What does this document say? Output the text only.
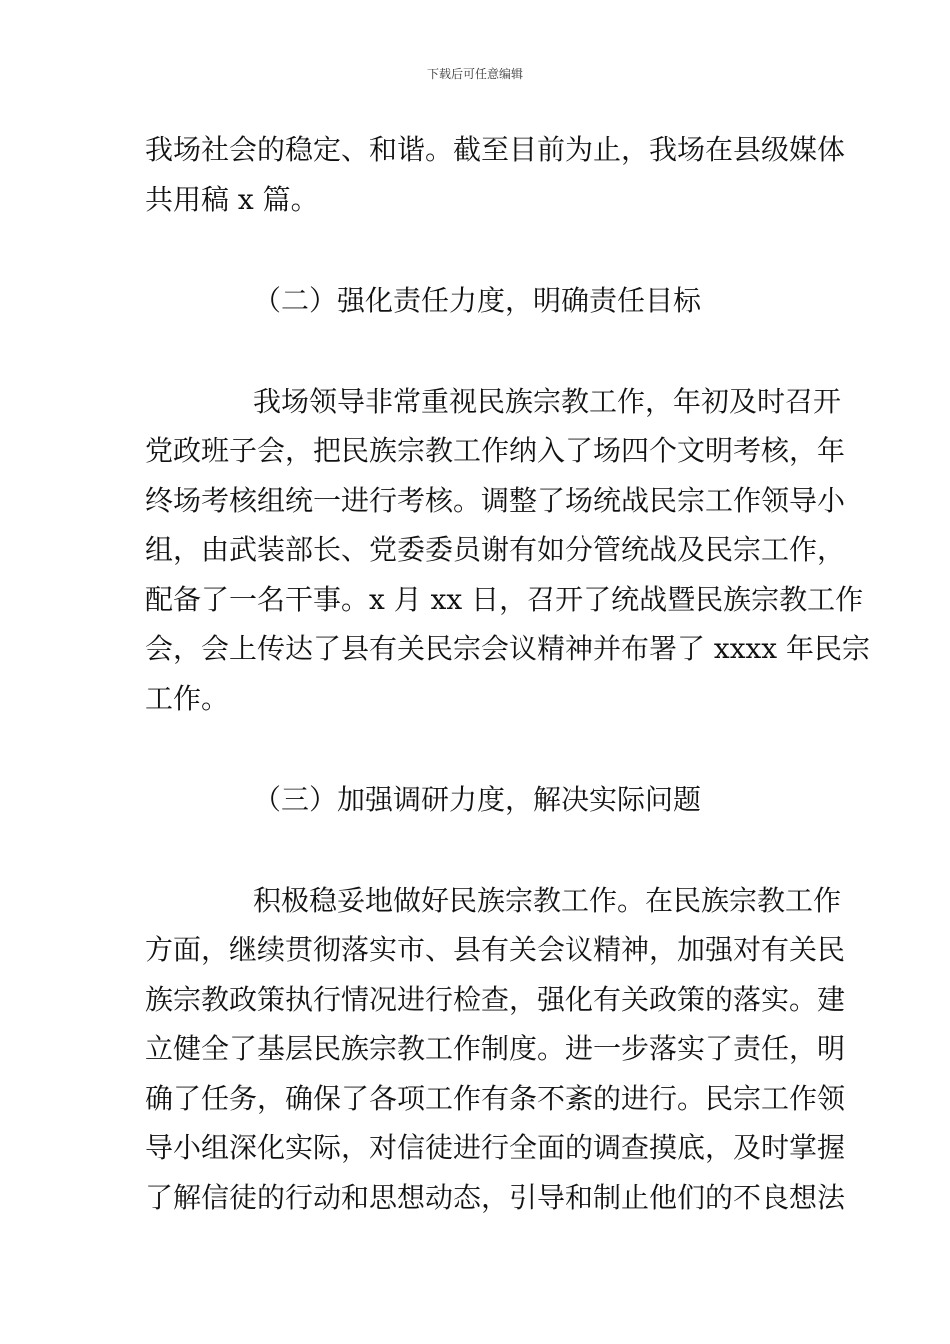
下载后可任意编辑
我场社会的稳定、和谐。截至目前为止，我场在县级媒体
共用稿 x 篇。
（二）强化责任力度，明确责任目标
我场领导非常重视民族宗教工作，年初及时召开
党政班子会，把民族宗教工作纳入了场四个文明考核，年
终场考核组统一进行考核。调整了场统战民宗工作领导小
组，由武装部长、党委委员谢有如分管统战及民宗工作，
配备了一名干事。x 月 xx 日，召开了统战暨民族宗教工作
会，会上传达了县有关民宗会议精神并布署了 xxxx 年民宗
工作。
（三）加强调研力度，解决实际问题
积极稳妥地做好民族宗教工作。在民族宗教工作
方面，继续贯彻落实市、县有关会议精神，加强对有关民
族宗教政策执行情况进行检查，强化有关政策的落实。建
立健全了基层民族宗教工作制度。进一步落实了责任，明
确了任务，确保了各项工作有条不紊的进行。民宗工作领
导小组深化实际，对信徒进行全面的调查摸底，及时掌握
了解信徒的行动和思想动态，引导和制止他们的不良想法
